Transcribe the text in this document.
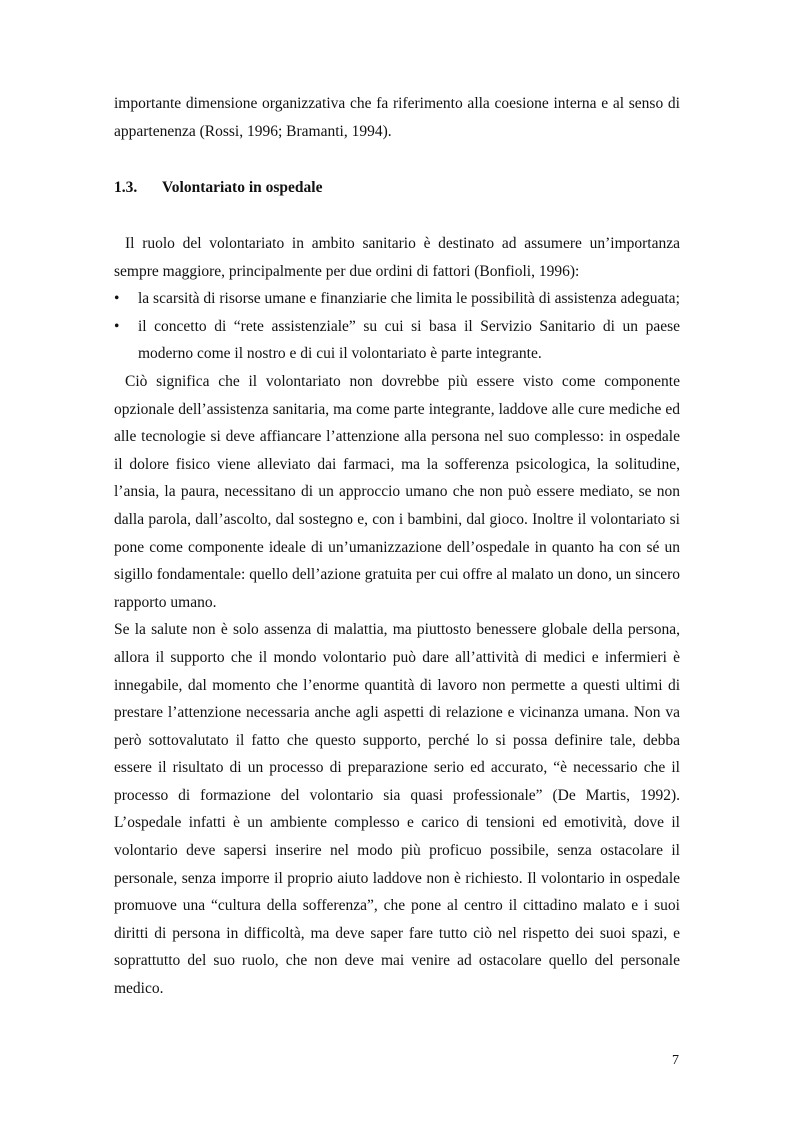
importante dimensione organizzativa che fa riferimento alla coesione interna e al senso di appartenenza (Rossi, 1996; Bramanti, 1994).

1.3. Volontariato in ospedale

Il ruolo del volontariato in ambito sanitario è destinato ad assumere un’importanza sempre maggiore, principalmente per due ordini di fattori (Bonfioli, 1996):

• la scarsità di risorse umane e finanziarie che limita le possibilità di assistenza adeguata;
• il concetto di “rete assistenziale” su cui si basa il Servizio Sanitario di un paese moderno come il nostro e di cui il volontariato è parte integrante.

Ciò significa che il volontariato non dovrebbe più essere visto come componente opzionale dell’assistenza sanitaria, ma come parte integrante, laddove alle cure mediche ed alle tecnologie si deve affiancare l’attenzione alla persona nel suo complesso: in ospedale il dolore fisico viene alleviato dai farmaci, ma la sofferenza psicologica, la solitudine, l’ansia, la paura, necessitano di un approccio umano che non può essere mediato, se non dalla parola, dall’ascolto, dal sostegno e, con i bambini, dal gioco. Inoltre il volontariato si pone come componente ideale di un’umanizzazione dell’ospedale in quanto ha con sé un sigillo fondamentale: quello dell’azione gratuita per cui offre al malato un dono, un sincero rapporto umano.

Se la salute non è solo assenza di malattia, ma piuttosto benessere globale della persona, allora il supporto che il mondo volontario può dare all’attività di medici e infermieri è innegabile, dal momento che l’enorme quantità di lavoro non permette a questi ultimi di prestare l’attenzione necessaria anche agli aspetti di relazione e vicinanza umana. Non va però sottovalutato il fatto che questo supporto, perché lo si possa definire tale, debba essere il risultato di un processo di preparazione serio ed accurato, “è necessario che il processo di formazione del volontario sia quasi professionale” (De Martis, 1992). L’ospedale infatti è un ambiente complesso e carico di tensioni ed emotività, dove il volontario deve sapersi inserire nel modo più proficuo possibile, senza ostacolare il personale, senza imporre il proprio aiuto laddove non è richiesto. Il volontario in ospedale promuove una “cultura della sofferenza”, che pone al centro il cittadino malato e i suoi diritti di persona in difficoltà, ma deve saper fare tutto ciò nel rispetto dei suoi spazi, e soprattutto del suo ruolo, che non deve mai venire ad ostacolare quello del personale medico.

7
